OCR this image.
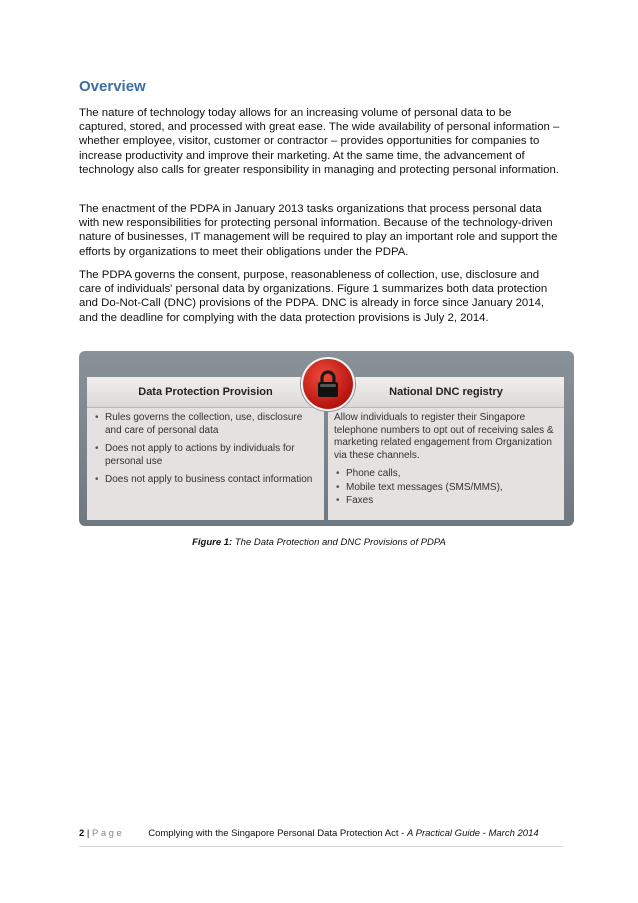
Overview

The nature of technology today allows for an increasing volume of personal data to be captured, stored, and processed with great ease. The wide availability of personal information – whether employee, visitor, customer or contractor – provides opportunities for companies to increase productivity and improve their marketing. At the same time, the advancement of technology also calls for greater responsibility in managing and protecting personal information.

The enactment of the PDPA in January 2013 tasks organizations that process personal data with new responsibilities for protecting personal information. Because of the technology-driven nature of businesses, IT management will be required to play an important role and support the efforts by organizations to meet their obligations under the PDPA.

The PDPA governs the consent, purpose, reasonableness of collection, use, disclosure and care of individuals' personal data by organizations. Figure 1 summarizes both data protection and Do-Not-Call (DNC) provisions of the PDPA. DNC is already in force since January 2014, and the deadline for complying with the data protection provisions is July 2, 2014.

Data Protection Provision
• Rules governs the collection, use, disclosure and care of personal data
• Does not apply to actions by individuals for personal use
• Does not apply to business contact information
National DNC registry
Allow individuals to register their Singapore telephone numbers to opt out of receiving sales & marketing related engagement from Organization via these channels.
• Phone calls,
• Mobile text messages (SMS/MMS),
• Faxes
Figure 1: The Data Protection and DNC Provisions of PDPA
2 | Page	Complying with the Singapore Personal Data Protection Act - A Practical Guide - March 2014
